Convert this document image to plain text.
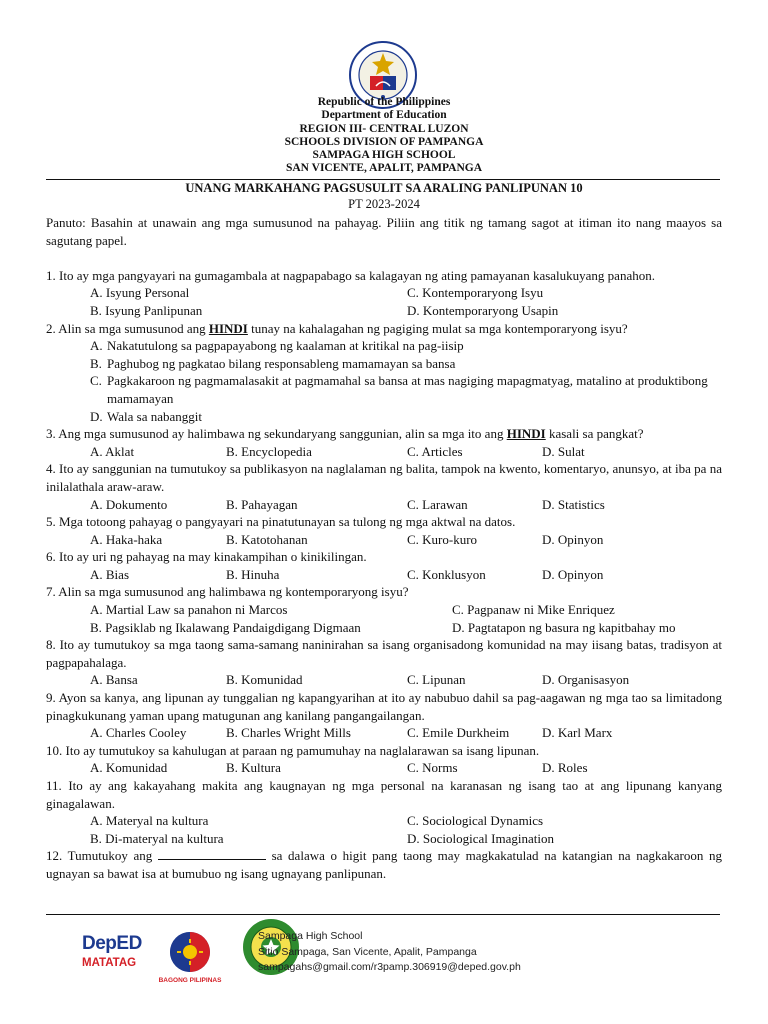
Republic of the Philippines
Department of Education
REGION III- CENTRAL LUZON
SCHOOLS DIVISION OF PAMPANGA
SAMPAGA HIGH SCHOOL
SAN VICENTE, APALIT, PAMPANGA
UNANG MARKAHANG PAGSUSULIT SA ARALING PANLIPUNAN 10
PT 2023-2024
Panuto: Basahin at unawain ang mga sumusunod na pahayag. Piliin ang titik ng tamang sagot at itiman ito nang maayos sa sagutang papel.
1. Ito ay mga pangyayari na gumagambala at nagpapabago sa kalagayan ng ating pamayanan kasalukuyang panahon.
A. Isyung Personal	C. Kontemporaryong Isyu
B. Isyung Panlipunan	D. Kontemporaryong Usapin
2. Alin sa mga sumusunod ang HINDI tunay na kahalagahan ng pagiging mulat sa mga kontemporaryong isyu?
A. Nakatutulong sa pagpapayabong ng kaalaman at kritikal na pag-iisip
B. Paghubog ng pagkatao bilang responsableng mamamayan sa bansa
C. Pagkakaroon ng pagmamalasakit at pagmamahal sa bansa at mas nagiging mapagmatyag, matalino at produktibong mamamayan
D. Wala sa nabanggit
3. Ang mga sumusunod ay halimbawa ng sekundaryang sanggunian, alin sa mga ito ang HINDI kasali sa pangkat?
A. Aklat	B. Encyclopedia	C. Articles	D. Sulat
4. Ito ay sanggunian na tumutukoy sa publikasyon na naglalaman ng balita, tampok na kwento, komentaryo, anunsyo, at iba pa na inilalathala araw-araw.
A. Dokumento	B. Pahayagan	C. Larawan	D. Statistics
5. Mga totoong pahayag o pangyayari na pinatutunayan sa tulong ng mga aktwal na datos.
A. Haka-haka	B. Katotohanan	C. Kuro-kuro	D. Opinyon
6. Ito ay uri ng pahayag na may kinakampihan o kinikilingan.
A. Bias	B. Hinuha	C. Konklusyon	D. Opinyon
7. Alin sa mga sumusunod ang halimbawa ng kontemporaryong isyu?
A. Martial Law sa panahon ni Marcos	C. Pagpanaw ni Mike Enriquez
B. Pagsiklab ng Ikalawang Pandaigdigang Digmaan	D. Pagtatapon ng basura ng kapitbahay mo
8. Ito ay tumutukoy sa mga taong sama-samang naninirahan sa isang organisadong komunidad na may iisang batas, tradisyon at pagpapahalaga.
A. Bansa	B. Komunidad	C. Lipunan	D. Organisasyon
9. Ayon sa kanya, ang lipunan ay tunggalian ng kapangyarihan at ito ay nabubuo dahil sa pag-aagawan ng mga tao sa limitadong pinagkukunang yaman upang matugunan ang kanilang pangangailangan.
A. Charles Cooley	B. Charles Wright Mills	C. Emile Durkheim	D. Karl Marx
10. Ito ay tumutukoy sa kahulugan at paraan ng pamumuhay na naglalarawan sa isang lipunan.
A. Komunidad	B. Kultura	C. Norms	D. Roles
11. Ito ay ang kakayahang makita ang kaugnayan ng mga personal na karanasan ng isang tao at ang lipunang kanyang ginagalawan.
A. Materyal na kultura	C. Sociological Dynamics
B. Di-materyal na kultura	D. Sociological Imagination
12. Tumutukoy ang	sa dalawa o higit pang taong may magkakatulad na katangian na nagkakaroon ng ugnayan sa bawat isa at bumubuo ng isang ugnayang panlipunan.
DepED
MATATAG
BAGONG PILIPINAS
Sampaga High School
Sitio Sampaga, San Vicente, Apalit, Pampanga
sampagahs@gmail.com/r3pamp.306919@deped.gov.ph
